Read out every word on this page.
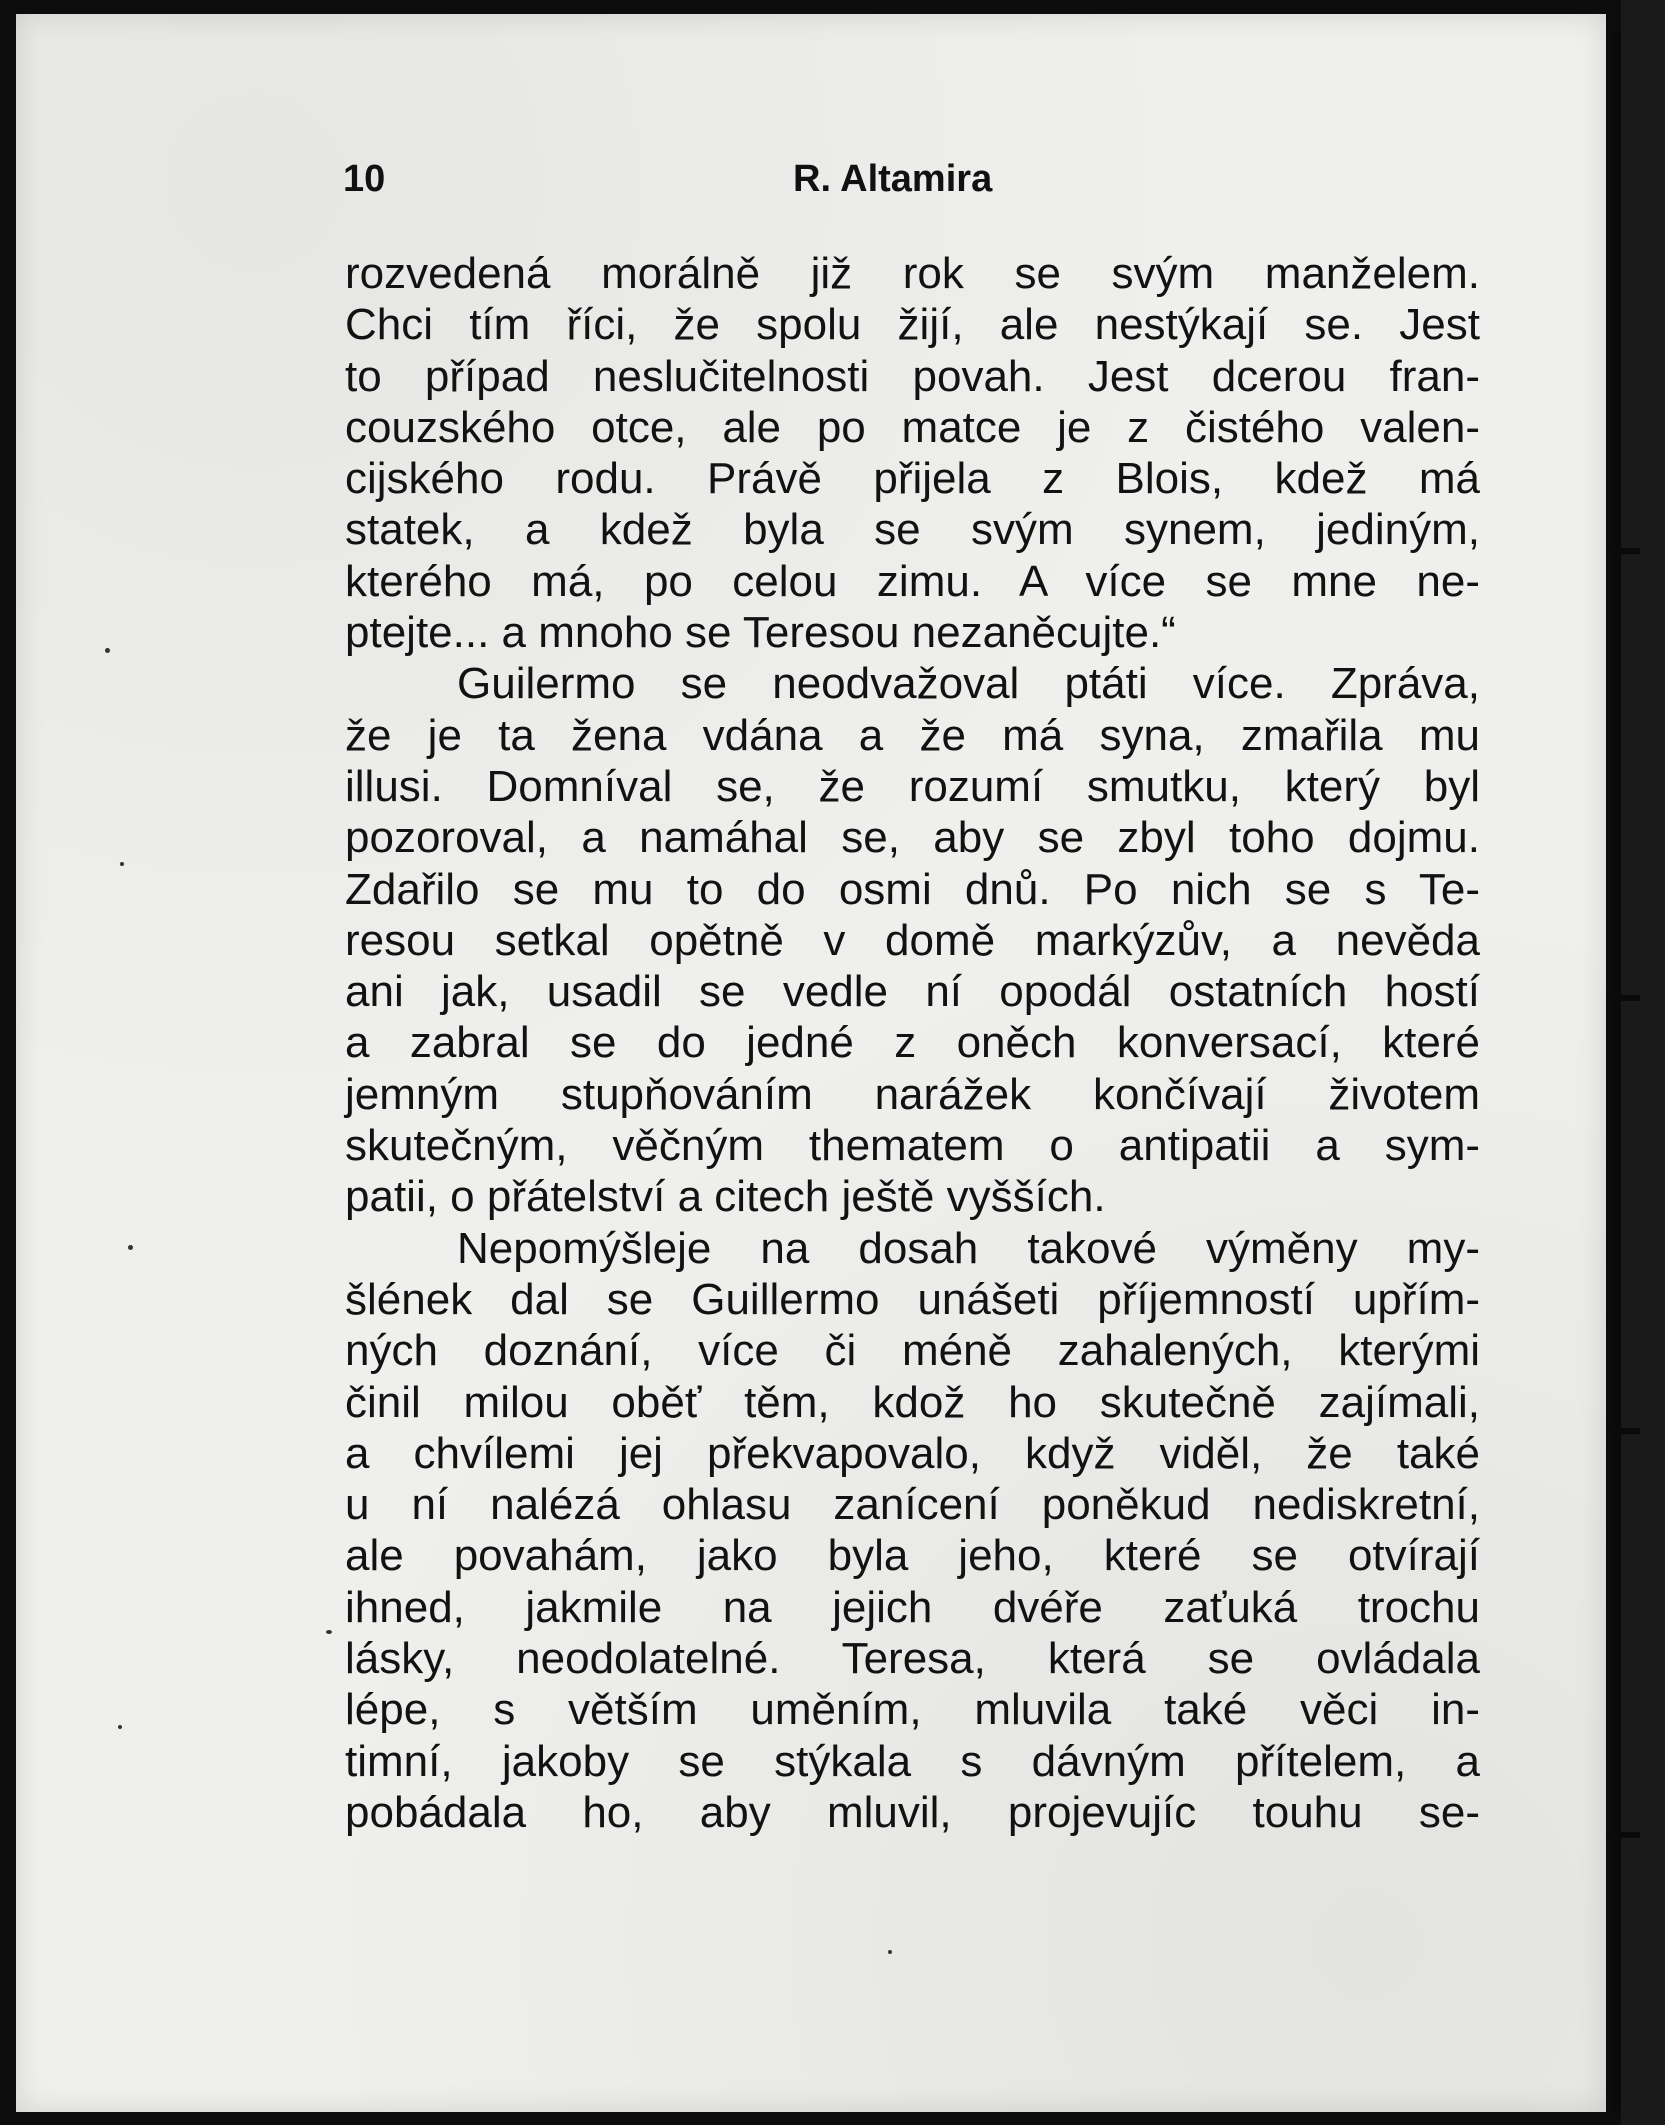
10	R. Altamira
rozvedená morálně již rok se svým manželem.
Chci tím říci, že spolu žijí, ale nestýkají se. Jest
to případ neslučitelnosti povah. Jest dcerou fran-
couzského otce, ale po matce je z čistého valen-
cijského rodu. Právě přijela z Blois, kdež má
statek, a kdež byla se svým synem, jediným,
kterého má, po celou zimu. A více se mne ne-
ptejte... a mnoho se Teresou nezaněcujte.“
Guilermo se neodvažoval ptáti více. Zpráva,
že je ta žena vdána a že má syna, zmařila mu
illusi. Domníval se, že rozumí smutku, který byl
pozoroval, a namáhal se, aby se zbyl toho dojmu.
Zdařilo se mu to do osmi dnů. Po nich se s Te-
resou setkal opětně v domě markýzův, a nevěda
ani jak, usadil se vedle ní opodál ostatních hostí
a zabral se do jedné z oněch konversací, které
jemným stupňováním narážek končívají životem
skutečným, věčným thematem o antipatii a sym-
patii, o přátelství a citech ještě vyšších.
Nepomýšleje na dosah takové výměny my-
šlének dal se Guillermo unášeti příjemností upřím-
ných doznání, více či méně zahalených, kterými
činil milou oběť těm, kdož ho skutečně zajímali,
a chvílemi jej překvapovalo, když viděl, že také
u ní nalézá ohlasu zanícení poněkud nediskretní,
ale povahám, jako byla jeho, které se otvírají
ihned, jakmile na jejich dvéře zaťuká trochu
lásky, neodolatelné. Teresa, která se ovládala
lépe, s větším uměním, mluvila také věci in-
timní, jakoby se stýkala s dávným přítelem, a
pobádala ho, aby mluvil, projevujíc touhu se-
